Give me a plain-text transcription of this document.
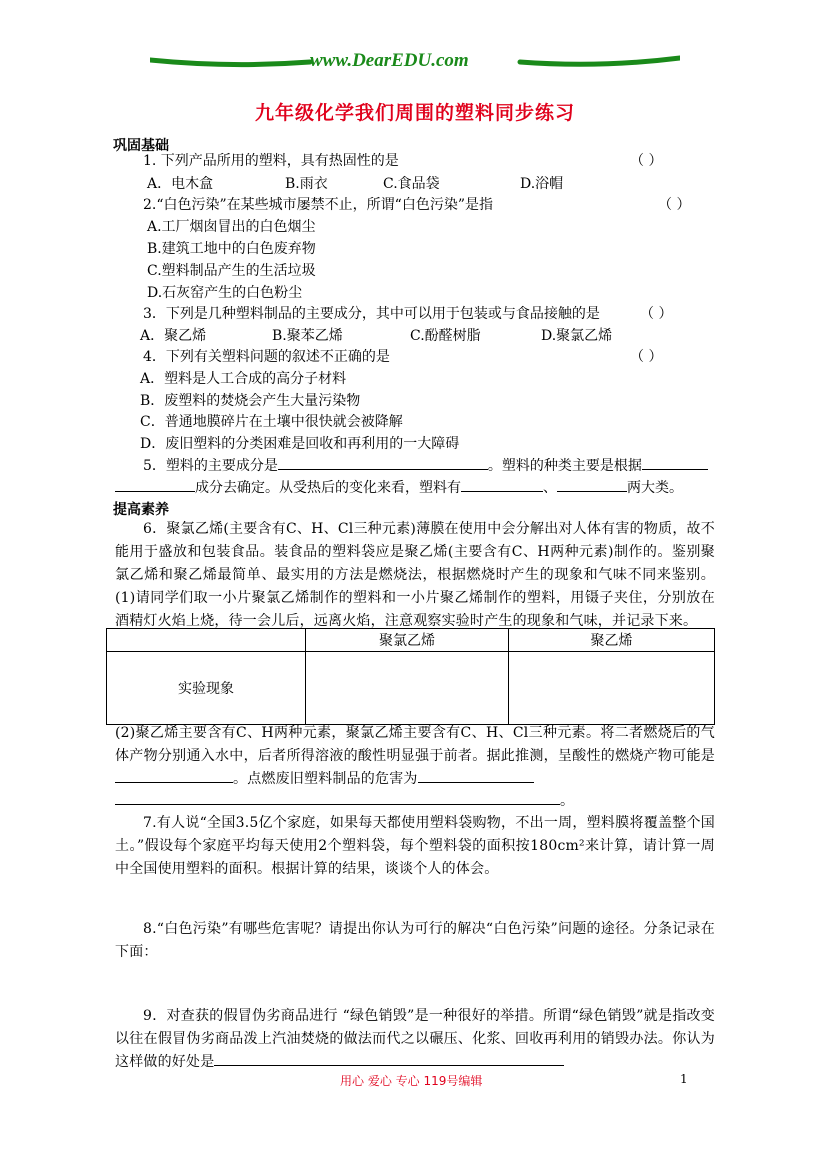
www.DearEDU.com
九年级化学我们周围的塑料同步练习
巩固基础
1. 下列产品所用的塑料，具有热固性的是	（ ）
A．电木盒	B.雨衣	C.食品袋	D.浴帽
2.“白色污染”在某些城市屡禁不止，所谓“白色污染”是指	（ ）
A.工厂烟囱冒出的白色烟尘
B.建筑工地中的白色废弃物
C.塑料制品产生的生活垃圾
D.石灰窑产生的白色粉尘
3．下列是几种塑料制品的主要成分，其中可以用于包装或与食品接触的是	（ ）
A．聚乙烯	B.聚苯乙烯	C.酚醛树脂	D.聚氯乙烯
4．下列有关塑料问题的叙述不正确的是	（ ）
A．塑料是人工合成的高分子材料
B．废塑料的焚烧会产生大量污染物
C．普通地膜碎片在土壤中很快就会被降解
D．废旧塑料的分类困难是回收和再利用的一大障碍
5．塑料的主要成分是	。塑料的种类主要是根据
成分去确定。从受热后的变化来看，塑料有	、	两大类。
提高素养
6．聚氯乙烯(主要含有C、H、Cl三种元素)薄膜在使用中会分解出对人体有害的物质，故不能用于盛放和包装食品。装食品的塑料袋应是聚乙烯(主要含有C、H两种元素)制作的。鉴别聚氯乙烯和聚乙烯最简单、最实用的方法是燃烧法，根据燃烧时产生的现象和气味不同来鉴别。(1)请同学们取一小片聚氯乙烯制作的塑料和一小片聚乙烯制作的塑料，用镊子夹住，分别放在酒精灯火焰上烧，待一会儿后，远离火焰，注意观察实验时产生的现象和气味，并记录下来。
	聚氯乙烯	聚乙烯
实验现象		
(2)聚乙烯主要含有C、H两种元素，聚氯乙烯主要含有C、H、Cl三种元素。将二者燃烧后的气体产物分别通入水中，后者所得溶液的酸性明显强于前者。据此推测，呈酸性的燃烧产物可能是。点燃废旧塑料制品的危害为
。
7.有人说“全国3.5亿个家庭，如果每天都使用塑料袋购物，不出一周，塑料膜将覆盖整个国土。”假设每个家庭平均每天使用2个塑料袋，每个塑料袋的面积按180cm²来计算，请计算一周中全国使用塑料的面积。根据计算的结果，谈谈个人的体会。
8.“白色污染”有哪些危害呢？请提出你认为可行的解决“白色污染”问题的途径。分条记录在下面：
9．对查获的假冒伪劣商品进行 “绿色销毁”是一种很好的举措。所谓“绿色销毁”就是指改变以往在假冒伪劣商品泼上汽油焚烧的做法而代之以碾压、化浆、回收再利用的销毁办法。你认为这样做的好处是
用心 爱心 专心 119号编辑	1
